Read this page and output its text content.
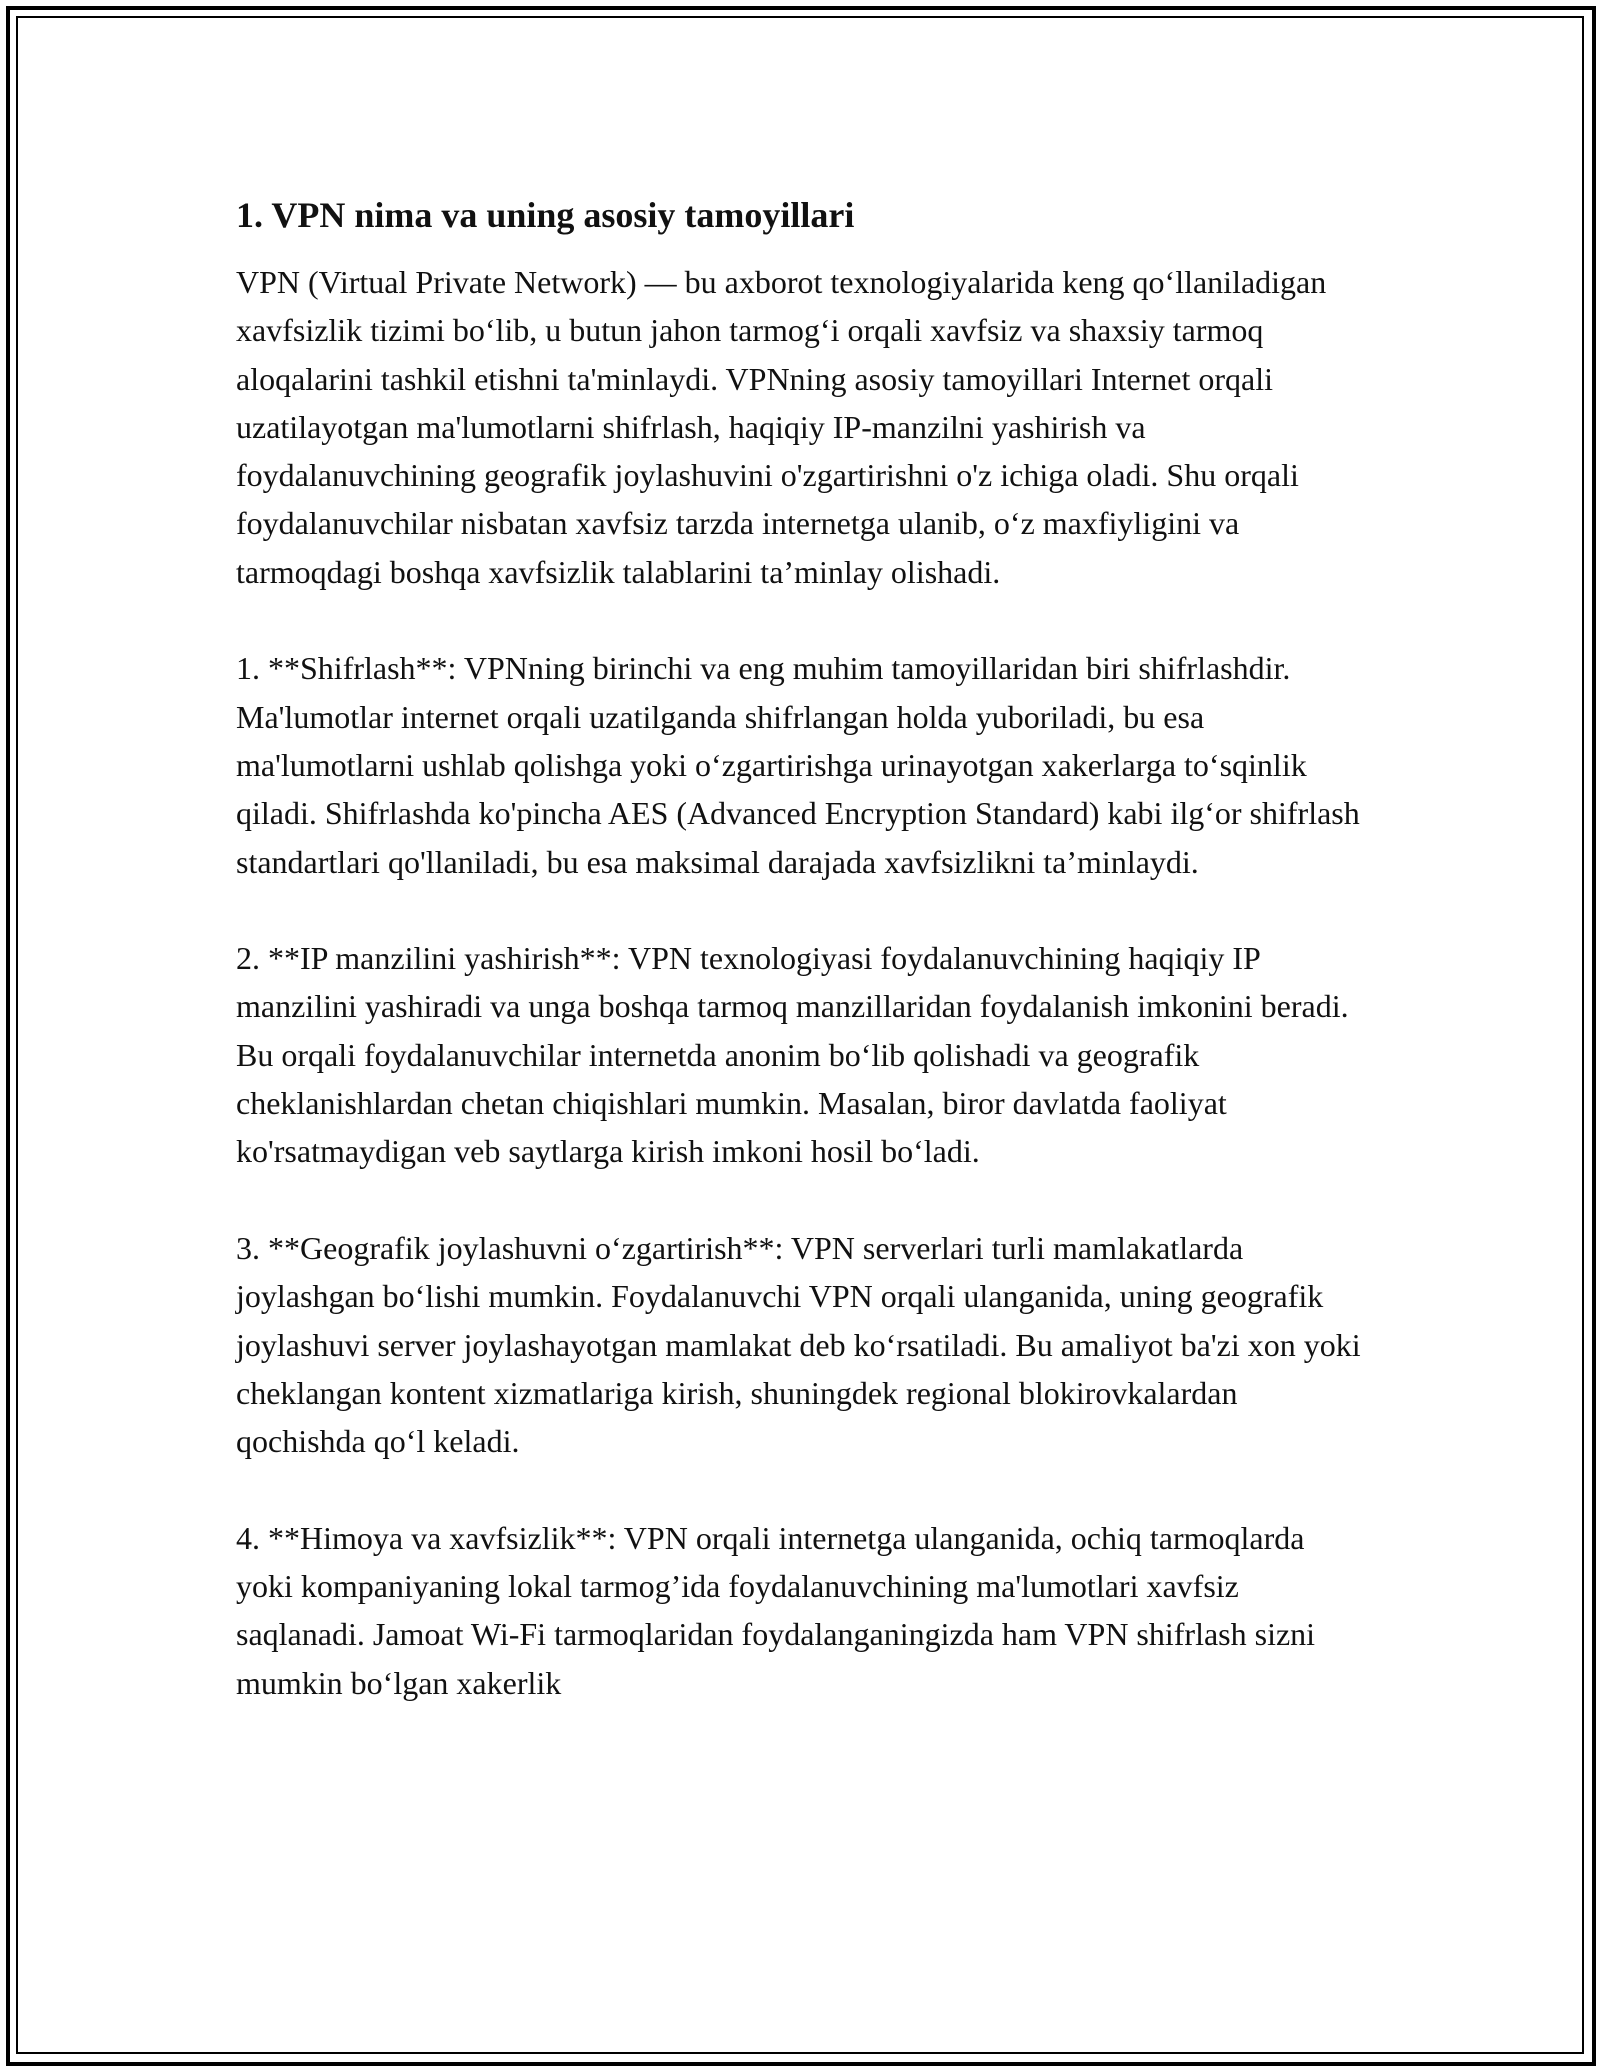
1. VPN nima va uning asosiy tamoyillari

VPN (Virtual Private Network) — bu axborot texnologiyalarida keng qo‘llaniladigan xavfsizlik tizimi bo‘lib, u butun jahon tarmog‘i orqali xavfsiz va shaxsiy tarmoq aloqalarini tashkil etishni ta'minlaydi. VPNning asosiy tamoyillari Internet orqali uzatilayotgan ma'lumotlarni shifrlash, haqiqiy IP-manzilni yashirish va foydalanuvchining geografik joylashuvini o'zgartirishni o'z ichiga oladi. Shu orqali foydalanuvchilar nisbatan xavfsiz tarzda internetga ulanib, o‘z maxfiyligini va tarmoqdagi boshqa xavfsizlik talablarini ta’minlay olishadi.

1. **Shifrlash**: VPNning birinchi va eng muhim tamoyillaridan biri shifrlashdir. Ma'lumotlar internet orqali uzatilganda shifrlangan holda yuboriladi, bu esa ma'lumotlarni ushlab qolishga yoki o‘zgartirishga urinayotgan xakerlarga to‘sqinlik qiladi. Shifrlashda ko'pincha AES (Advanced Encryption Standard) kabi ilg‘or shifrlash standartlari qo'llaniladi, bu esa maksimal darajada xavfsizlikni ta’minlaydi.

2. **IP manzilini yashirish**: VPN texnologiyasi foydalanuvchining haqiqiy IP manzilini yashiradi va unga boshqa tarmoq manzillaridan foydalanish imkonini beradi. Bu orqali foydalanuvchilar internetda anonim bo‘lib qolishadi va geografik cheklanishlardan chetan chiqishlari mumkin. Masalan, biror davlatda faoliyat ko'rsatmaydigan veb saytlarga kirish imkoni hosil bo‘ladi.

3. **Geografik joylashuvni o‘zgartirish**: VPN serverlari turli mamlakatlarda joylashgan bo‘lishi mumkin. Foydalanuvchi VPN orqali ulanganida, uning geografik joylashuvi server joylashayotgan mamlakat deb ko‘rsatiladi. Bu amaliyot ba'zi xon yoki cheklangan kontent xizmatlariga kirish, shuningdek regional blokirovkalardan qochishda qo‘l keladi.

4. **Himoya va xavfsizlik**: VPN orqali internetga ulanganida, ochiq tarmoqlarda yoki kompaniyaning lokal tarmog’ida foydalanuvchining ma'lumotlari xavfsiz saqlanadi. Jamoat Wi-Fi tarmoqlaridan foydalanganingizda ham VPN shifrlash sizni mumkin bo‘lgan xakerlik
